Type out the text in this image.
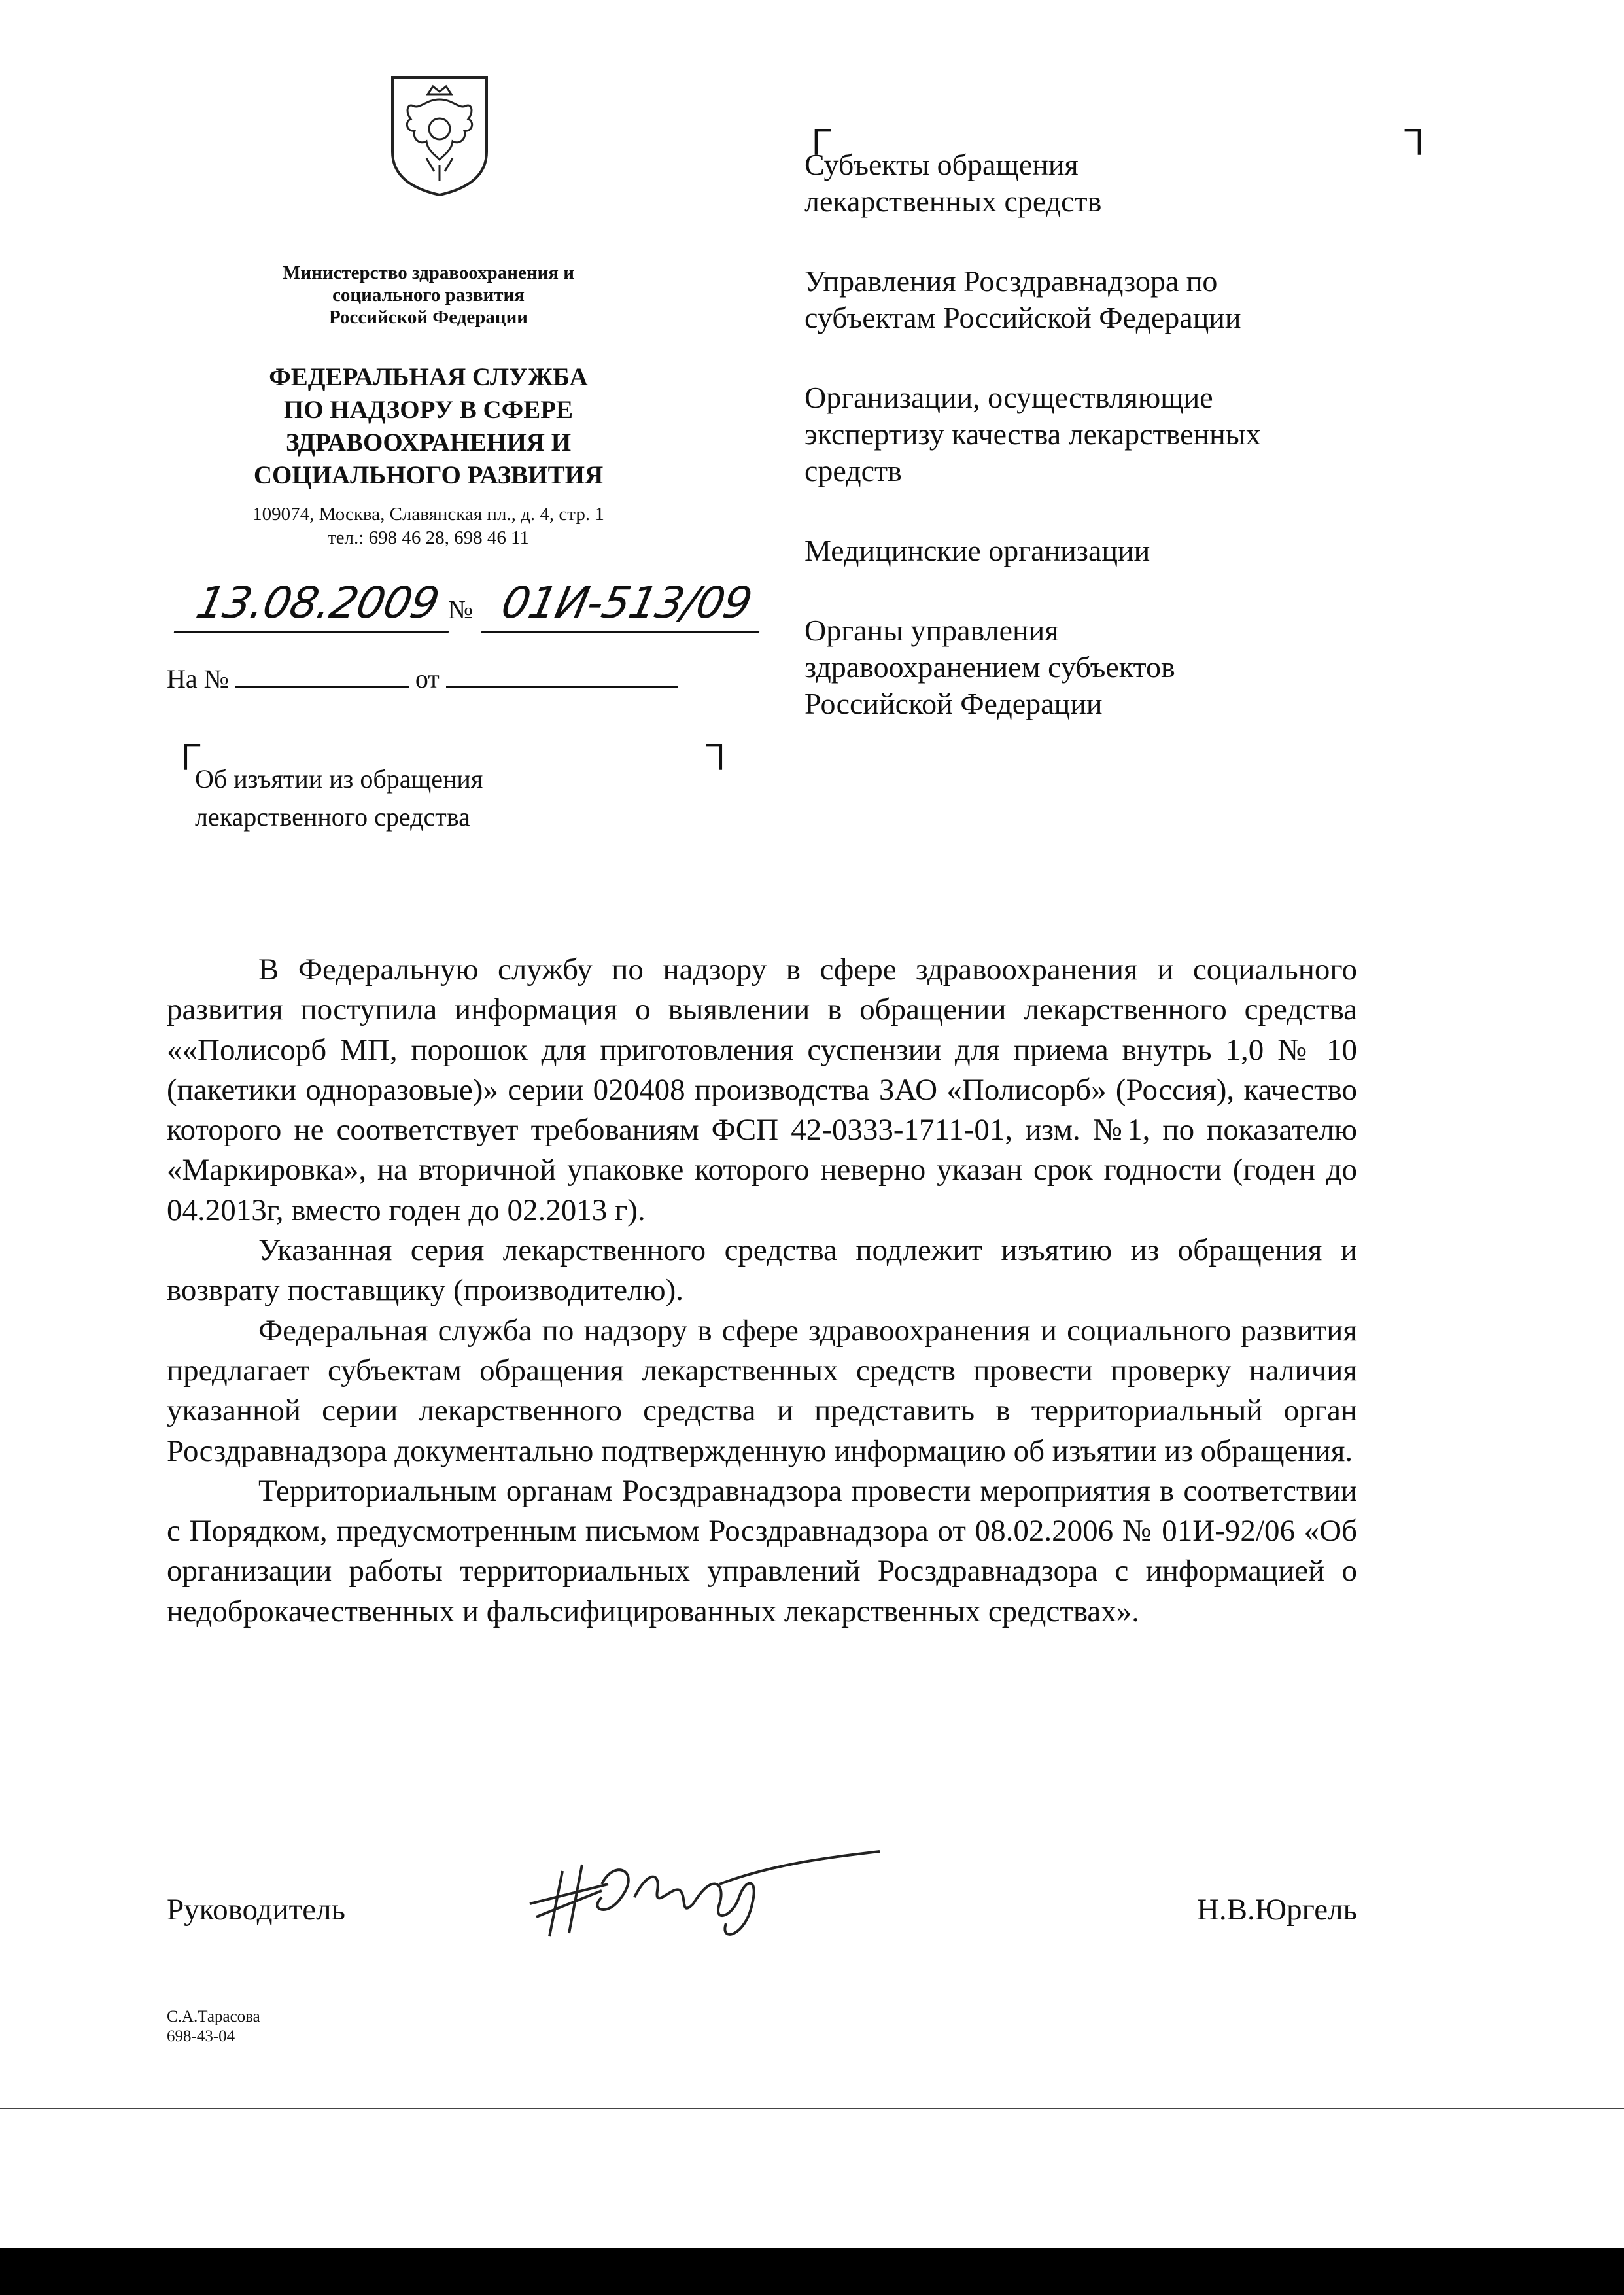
Министерство здравоохранения и
социального развития
Российской Федерации
ФЕДЕРАЛЬНАЯ СЛУЖБА
ПО НАДЗОРУ В СФЕРЕ
ЗДРАВООХРАНЕНИЯ И
СОЦИАЛЬНОГО РАЗВИТИЯ
109074, Москва, Славянская пл., д. 4, стр. 1
тел.: 698 46 28, 698 46 11
13.08.2009 № 01И-513/09
На №	от
┌	┐
┌	┐
Об изъятии из обращения
лекарственного средства
Субъекты обращения
лекарственных средств
Управления Росздравнадзора по
субъектам Российской Федерации
Организации, осуществляющие
экспертизу качества лекарственных
средств
Медицинские организации
Органы управления
здравоохранением субъектов
Российской Федерации

В Федеральную службу по надзору в сфере здравоохранения и социального развития поступила информация о выявлении в обращении лекарственного средства ««Полисорб МП, порошок для приготовления суспензии для приема внутрь 1,0 № 10 (пакетики одноразовые)» серии 020408 производства ЗАО «Полисорб» (Россия), качество которого не соответствует требованиям ФСП 42-0333-1711-01, изм. №1, по показателю «Маркировка», на вторичной упаковке которого неверно указан срок годности (годен до 04.2013г, вместо годен до 02.2013 г).

Указанная серия лекарственного средства подлежит изъятию из обращения и возврату поставщику (производителю).

Федеральная служба по надзору в сфере здравоохранения и социального развития предлагает субъектам обращения лекарственных средств провести проверку наличия указанной серии лекарственного средства и представить в территориальный орган Росздравнадзора документально подтвержденную информацию об изъятии из обращения.

Территориальным органам Росздравнадзора провести мероприятия в соответствии с Порядком, предусмотренным письмом Росздравнадзора от 08.02.2006 № 01И-92/06 «Об организации работы территориальных управлений Росздравнадзора с информацией о недоброкачественных и фальсифицированных лекарственных средствах».

Руководитель	Н.В.Юргель
С.А.Тарасова
698-43-04
